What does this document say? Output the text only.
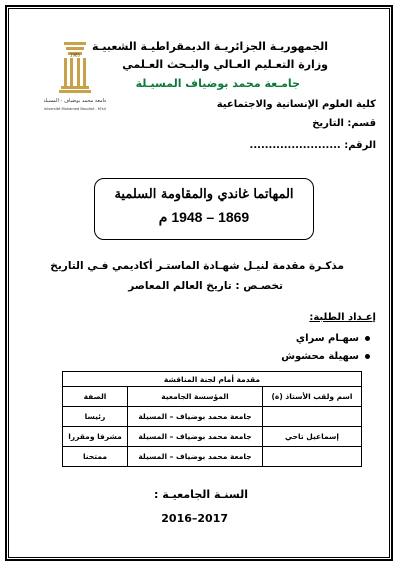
الجمهوريـة الجزائريـة الديمقراطيـة الشعبيـة
وزارة التعـليم العـالي والبـحث العـلمي
جامـعة محمد بوضياف المسيـلة
1985
جامعة محمد بوضياف - المسيلة
Université Mohamed Boudiaf - M'sila	كلية العلوم الإنسانية والاجتماعية
قسم: التاريخ
الرقم: ........................
المهاتما غاندي والمقاومة السلمية
1869 – 1948 م
مذكـرة مقدمة لنيـل شهـادة الماستـر أكاديمي فـي التاريخ
تخصـص : تاريخ العالم المعاصر
إعـداد الطلبة:
سهـام سراي
سهيلة محشوش
مقدمة أمام لجنة المناقشة		
اسم ولقب الأستاذ (ة)	المؤسسة الجامعية	الصفة
	جامعة محمد بوضياف – المسيلة	رئيسا
إسماعيل تاحي	جامعة محمد بوضياف – المسيلة	مشرفا ومقررا
	جامعة محمد بوضياف – المسيلة	ممتحنا
السنـة الجامعيـة :
2016–2017
